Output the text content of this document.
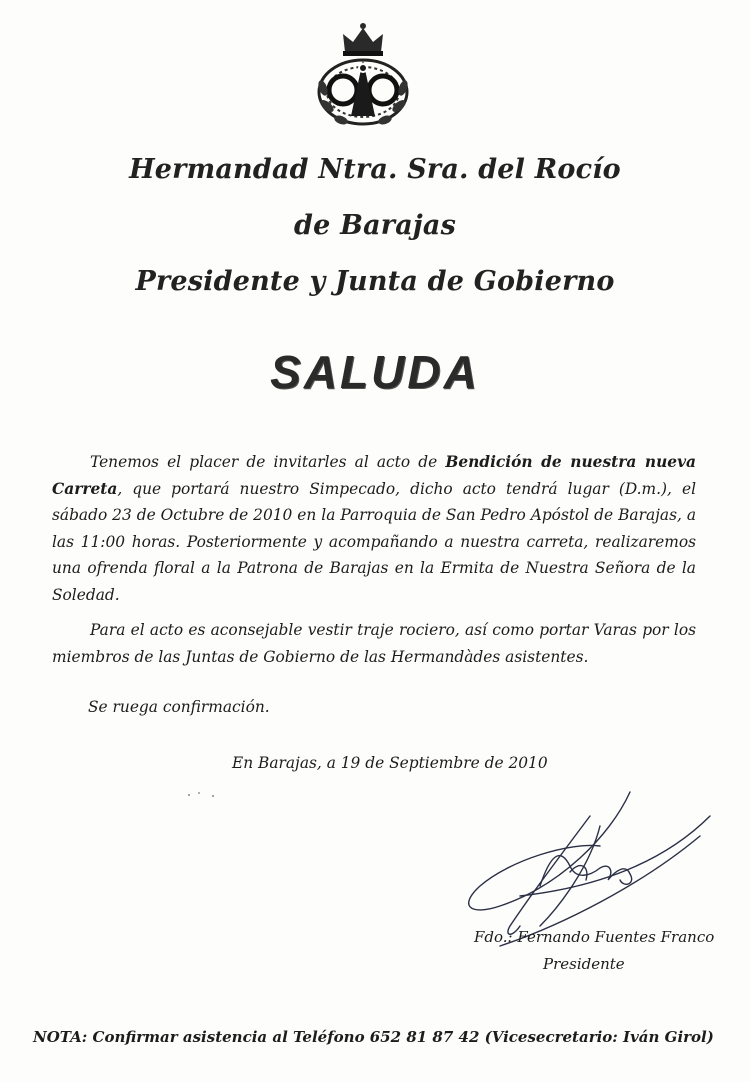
Hermandad Ntra. Sra. del Rocío
de Barajas
Presidente y Junta de Gobierno
SALUDA
Tenemos el placer de invitarles al acto de Bendición de nuestra nueva Carreta, que portará nuestro Simpecado, dicho acto tendrá lugar (D.m.), el sábado 23 de Octubre de 2010 en la Parroquia de San Pedro Apóstol de Barajas, a las 11:00 horas. Posteriormente y acompañando a nuestra carreta, realizaremos una ofrenda floral a la Patrona de Barajas en la Ermita de Nuestra Señora de la Soledad.
Para el acto es aconsejable vestir traje rociero, así como portar Varas por los miembros de las Juntas de Gobierno de las Hermandàdes asistentes.
Se ruega confirmación.
En Barajas, a 19 de Septiembre de 2010
Fdo.: Fernando Fuentes Franco
Presidente
NOTA: Confirmar asistencia al Teléfono 652 81 87 42 (Vicesecretario: Iván Girol)
